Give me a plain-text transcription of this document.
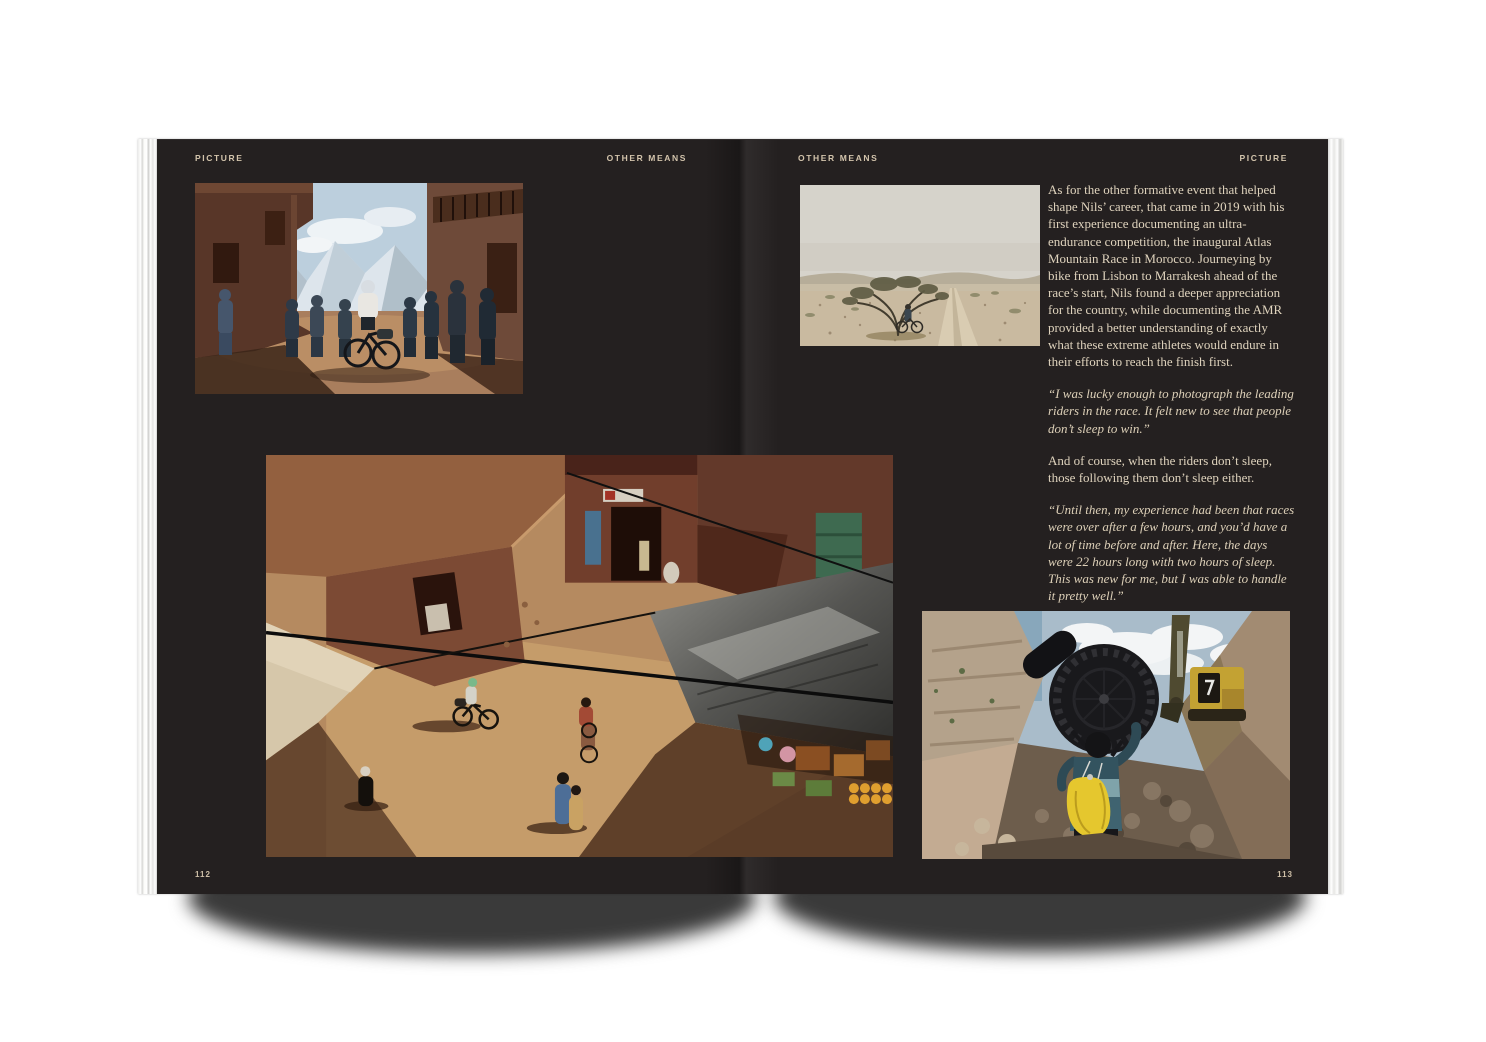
PICTURE	OTHER MEANS	OTHER MEANS	PICTURE

As for the other formative event that helped shape Nils’ career, that came in 2019 with his first experience documenting an ultra-endurance competition, the inaugural Atlas Mountain Race in Morocco. Journeying by bike from Lisbon to Marrakesh ahead of the race’s start, Nils found a deeper appreciation for the country, while documenting the AMR provided a better understanding of exactly what these extreme athletes would endure in their efforts to reach the finish first.

“I was lucky enough to photograph the leading riders in the race. It felt new to see that people don’t sleep to win.”

And of course, when the riders don’t sleep, those following them don’t sleep either.

“Until then, my experience had been that races were over after a few hours, and you’d have a lot of time before and after. Here, the days were 22 hours long with two hours of sleep. This was new for me, but I was able to handle it pretty well.”

112	113
